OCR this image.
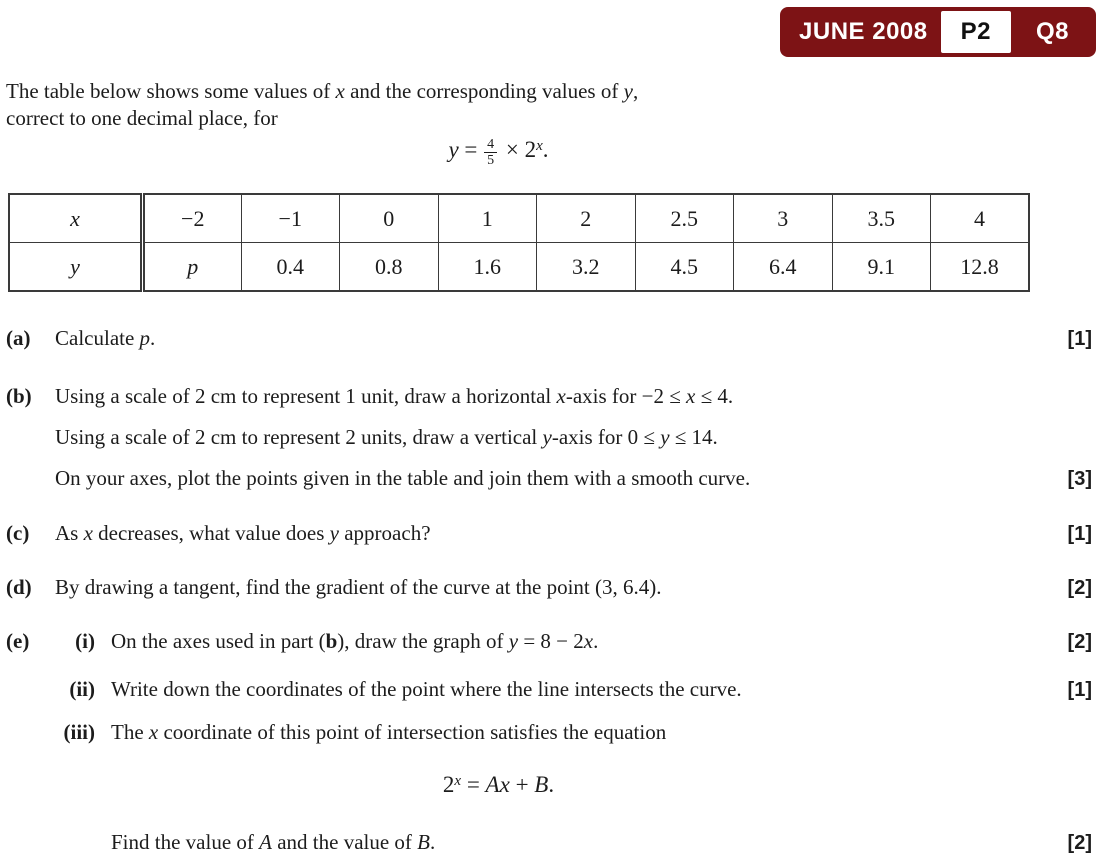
JUNE 2008	P2	Q8

The table below shows some values of x and the corresponding values of y,

correct to one decimal place, for

$y = \frac{4}{5} \times 2^x$.
x	−2	−1	0	1	2	2.5	3	3.5	4
y	p	0.4	0.8	1.6	3.2	4.5	6.4	9.1	12.8
(a)	Calculate p.	[1]
(b)	Using a scale of 2 cm to represent 1 unit, draw a horizontal x-axis for −2 ≤ x ≤ 4.
Using a scale of 2 cm to represent 2 units, draw a vertical y-axis for 0 ≤ y ≤ 14.
On your axes, plot the points given in the table and join them with a smooth curve.	[3]
(c)	As x decreases, what value does y approach?	[1]
(d)	By drawing a tangent, find the gradient of the curve at the point (3, 6.4).	[2]
(e)	(i) On the axes used in part (b), draw the graph of y = 8 − 2x.	[2]
(ii) Write down the coordinates of the point where the line intersects the curve.	[1]
(iii) The x coordinate of this point of intersection satisfies the equation
$2^x = Ax + B$.
Find the value of A and the value of B.	[2]
